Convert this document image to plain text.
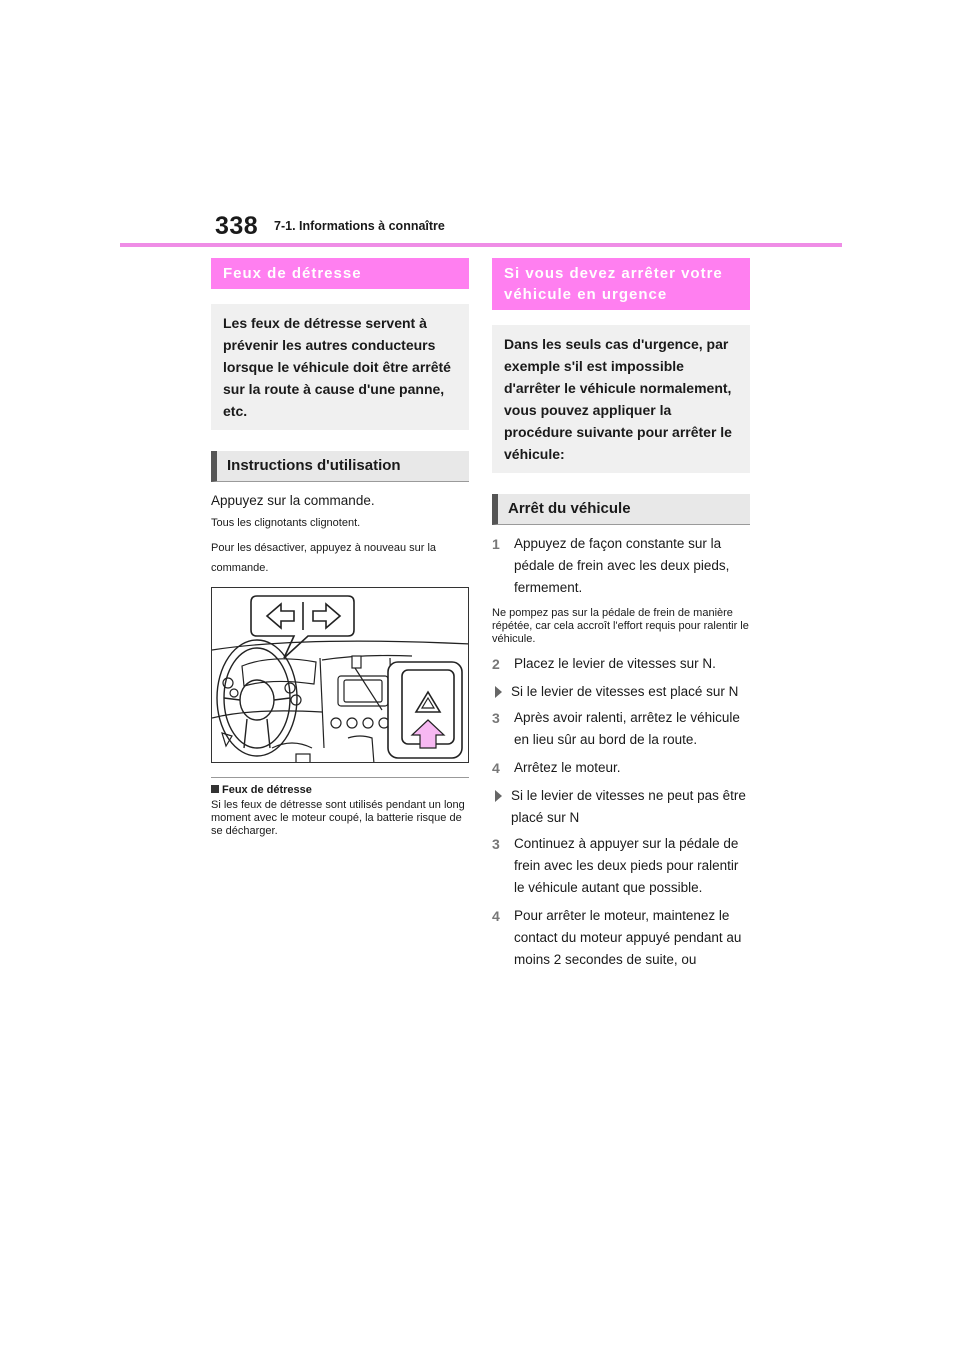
338 7-1. Informations à connaître
Feux de détresse
Les feux de détresse servent à prévenir les autres conducteurs lorsque le véhicule doit être arrêté sur la route à cause d'une panne, etc.
Instructions d'utilisation
Appuyez sur la commande.
Tous les clignotants clignotent.
Pour les désactiver, appuyez à nouveau sur la commande.
Feux de détresse
Si les feux de détresse sont utilisés pendant un long moment avec le moteur coupé, la batterie risque de se décharger.
Si vous devez arrêter votre véhicule en urgence
Dans les seuls cas d'urgence, par exemple s'il est impossible d'arrêter le véhicule normalement, vous pouvez appliquer la procédure suivante pour arrêter le véhicule:
Arrêt du véhicule
1 Appuyez de façon constante sur la pédale de frein avec les deux pieds, fermement.
Ne pompez pas sur la pédale de frein de manière répétée, car cela accroît l'effort requis pour ralentir le véhicule.
2 Placez le levier de vitesses sur N.
Si le levier de vitesses est placé sur N
3 Après avoir ralenti, arrêtez le véhicule en lieu sûr au bord de la route.
4 Arrêtez le moteur.
Si le levier de vitesses ne peut pas être placé sur N
3 Continuez à appuyer sur la pédale de frein avec les deux pieds pour ralentir le véhicule autant que possible.
4 Pour arrêter le moteur, maintenez le contact du moteur appuyé pendant au moins 2 secondes de suite, ou
